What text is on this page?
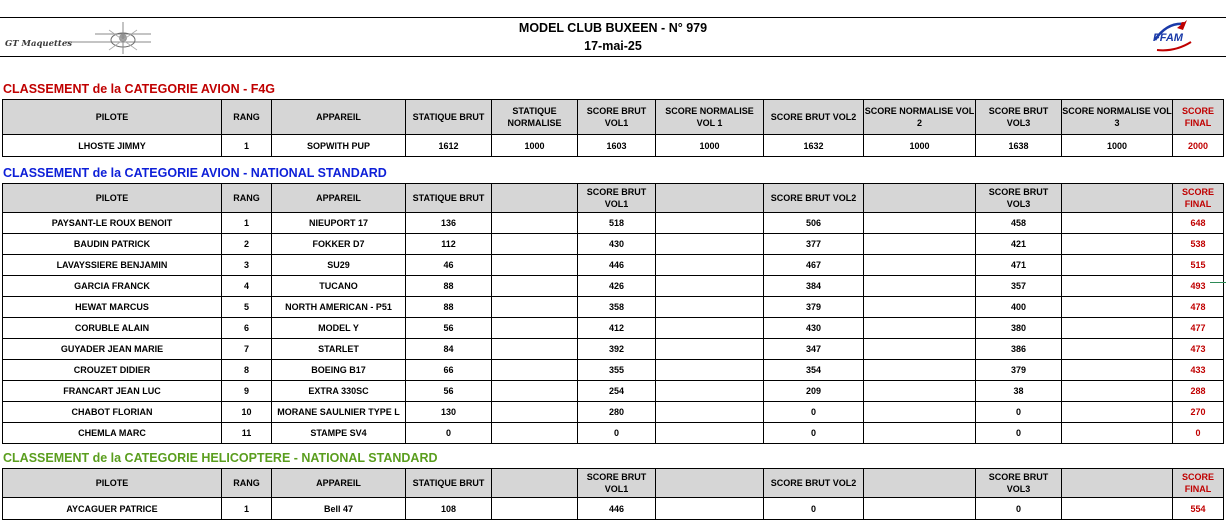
GT Maquettes
MODEL CLUB BUXEEN - N° 979
17-mai-25
FFAM
CLASSEMENT de la CATEGORIE AVION - F4G
PILOTE	RANG	APPAREIL	STATIQUE BRUT	STATIQUE NORMALISE	SCORE BRUT VOL1	SCORE NORMALISE VOL 1	SCORE BRUT VOL2	SCORE NORMALISE VOL 2	SCORE BRUT VOL3	SCORE NORMALISE VOL 3	SCORE FINAL
LHOSTE JIMMY	1	SOPWITH PUP	1612	1000	1603	1000	1632	1000	1638	1000	2000
CLASSEMENT de la CATEGORIE AVION - NATIONAL STANDARD
PILOTE	RANG	APPAREIL	STATIQUE BRUT		SCORE BRUT VOL1		SCORE BRUT VOL2		SCORE BRUT VOL3		SCORE FINAL
PAYSANT-LE ROUX BENOIT	1	NIEUPORT 17	136		518		506		458		648
BAUDIN PATRICK	2	FOKKER D7	112		430		377		421		538
LAVAYSSIERE BENJAMIN	3	SU29	46		446		467		471		515
GARCIA FRANCK	4	TUCANO	88		426		384		357		493
HEWAT MARCUS	5	NORTH AMERICAN - P51	88		358		379		400		478
CORUBLE ALAIN	6	MODEL Y	56		412		430		380		477
GUYADER JEAN MARIE	7	STARLET	84		392		347		386		473
CROUZET DIDIER	8	BOEING B17	66		355		354		379		433
FRANCART JEAN LUC	9	EXTRA 330SC	56		254		209		38		288
CHABOT FLORIAN	10	MORANE SAULNIER TYPE L	130		280		0		0		270
CHEMLA MARC	11	STAMPE SV4	0		0		0		0		0
CLASSEMENT de la CATEGORIE HELICOPTERE - NATIONAL STANDARD
PILOTE	RANG	APPAREIL	STATIQUE BRUT		SCORE BRUT VOL1		SCORE BRUT VOL2		SCORE BRUT VOL3		SCORE FINAL
AYCAGUER PATRICE	1	Bell 47	108		446		0		0		554
